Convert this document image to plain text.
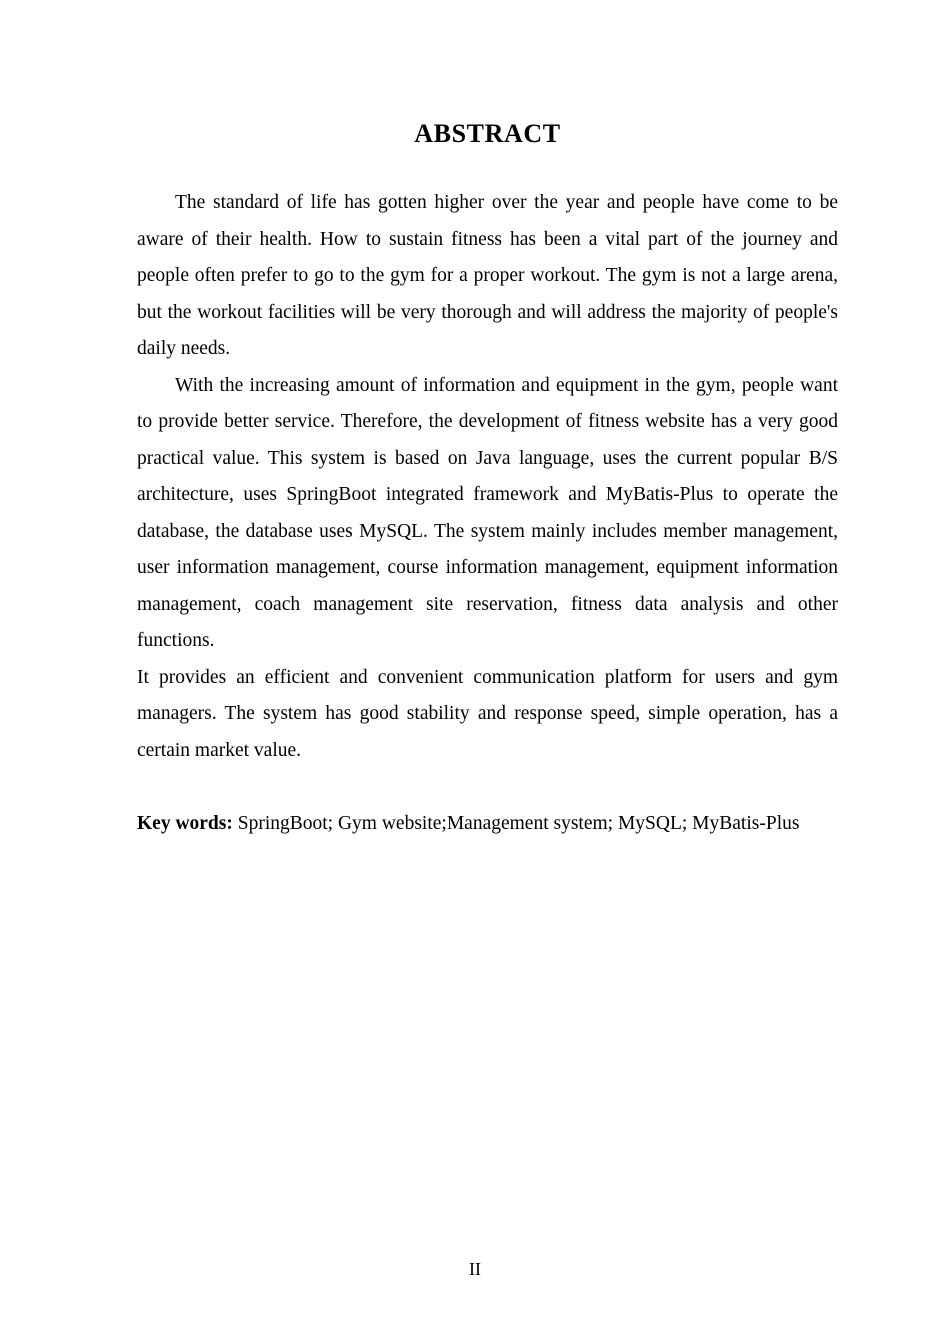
ABSTRACT

The standard of life has gotten higher over the year and people have come to be aware of their health. How to sustain fitness has been a vital part of the journey and people often prefer to go to the gym for a proper workout. The gym is not a large arena, but the workout facilities will be very thorough and will address the majority of people's daily needs.

With the increasing amount of information and equipment in the gym, people want to provide better service. Therefore, the development of fitness website has a very good practical value. This system is based on Java language, uses the current popular B/S architecture, uses SpringBoot integrated framework and MyBatis-Plus to operate the database, the database uses MySQL. The system mainly includes member management, user information management, course information management, equipment information management, coach management site reservation, fitness data analysis and other functions.

It provides an efficient and convenient communication platform for users and gym managers. The system has good stability and response speed, simple operation, has a certain market value.

Key words: SpringBoot; Gym website;Management system; MySQL; MyBatis-Plus

II
